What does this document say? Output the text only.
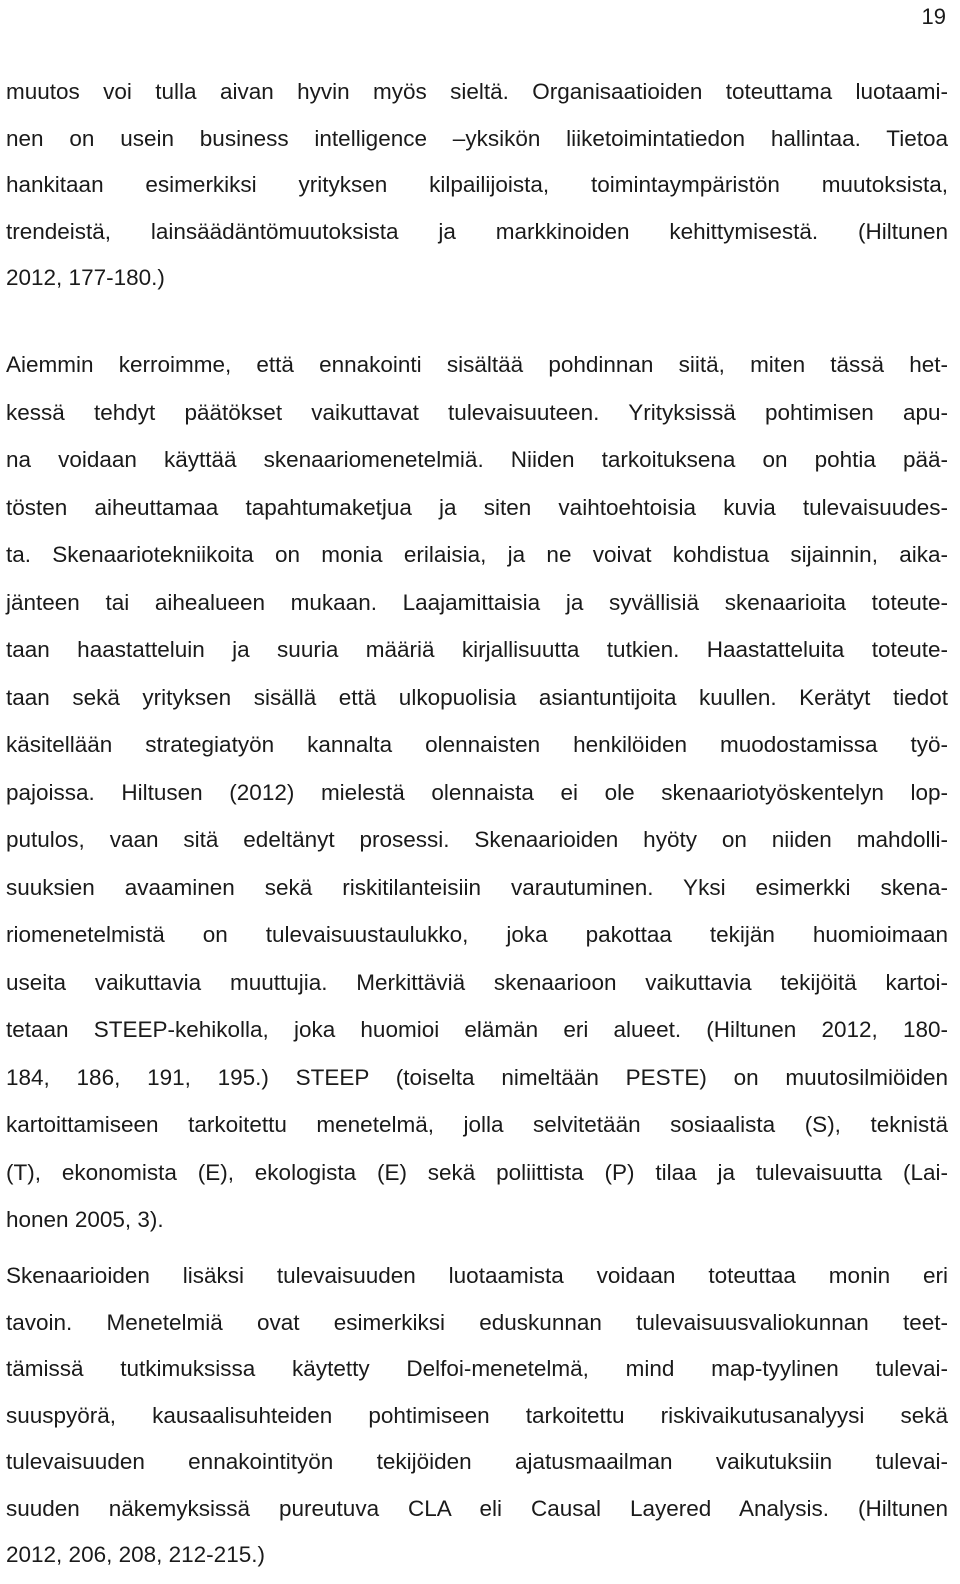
19

muutos voi tulla aivan hyvin myös sieltä. Organisaatioiden toteuttama luotaami-
nen on usein business intelligence –yksikön liiketoimintatiedon hallintaa. Tietoa
hankitaan esimerkiksi yrityksen kilpailijoista, toimintaympäristön muutoksista,
trendeistä, lainsäädäntömuutoksista ja markkinoiden kehittymisestä. (Hiltunen
2012, 177-180.)

Aiemmin kerroimme, että ennakointi sisältää pohdinnan siitä, miten tässä het-
kessä tehdyt päätökset vaikuttavat tulevaisuuteen. Yrityksissä pohtimisen apu-
na voidaan käyttää skenaariomenetelmiä. Niiden tarkoituksena on pohtia pää-
tösten aiheuttamaa tapahtumaketjua ja siten vaihtoehtoisia kuvia tulevaisuudes-
ta. Skenaariotekniikoita on monia erilaisia, ja ne voivat kohdistua sijainnin, aika-
jänteen tai aihealueen mukaan. Laajamittaisia ja syvällisiä skenaarioita toteute-
taan haastatteluin ja suuria määriä kirjallisuutta tutkien. Haastatteluita toteute-
taan sekä yrityksen sisällä että ulkopuolisia asiantuntijoita kuullen. Kerätyt tiedot
käsitellään strategiatyön kannalta olennaisten henkilöiden muodostamissa työ-
pajoissa. Hiltusen (2012) mielestä olennaista ei ole skenaariotyöskentelyn lop-
putulos, vaan sitä edeltänyt prosessi. Skenaarioiden hyöty on niiden mahdolli-
suuksien avaaminen sekä riskitilanteisiin varautuminen. Yksi esimerkki skena-
riomenetelmistä on tulevaisuustaulukko, joka pakottaa tekijän huomioimaan
useita vaikuttavia muuttujia. Merkittäviä skenaarioon vaikuttavia tekijöitä kartoi-
tetaan STEEP-kehikolla, joka huomioi elämän eri alueet. (Hiltunen 2012, 180-
184, 186, 191, 195.) STEEP (toiselta nimeltään PESTE) on muutosilmiöiden
kartoittamiseen tarkoitettu menetelmä, jolla selvitetään sosiaalista (S), teknistä
(T), ekonomista (E), ekologista (E) sekä poliittista (P) tilaa ja tulevaisuutta (Lai-
honen 2005, 3).

Skenaarioiden lisäksi tulevaisuuden luotaamista voidaan toteuttaa monin eri
tavoin. Menetelmiä ovat esimerkiksi eduskunnan tulevaisuusvaliokunnan teet-
tämissä tutkimuksissa käytetty Delfoi-menetelmä, mind map-tyylinen tulevai-
suuspyörä, kausaalisuhteiden pohtimiseen tarkoitettu riskivaikutusanalyysi sekä
tulevaisuuden ennakointityön tekijöiden ajatusmaailman vaikutuksiin tulevai-
suuden näkemyksissä pureutuva CLA eli Causal Layered Analysis. (Hiltunen
2012, 206, 208, 212-215.)
